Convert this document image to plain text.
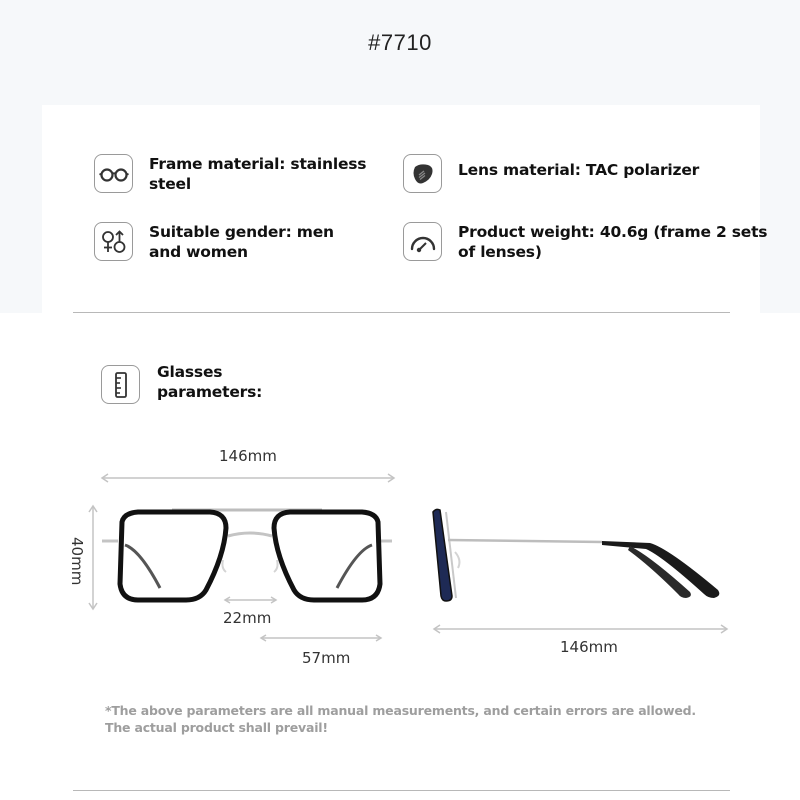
#7710
Frame material: stainless steel
Lens material: TAC polarizer
Suitable gender: men and women
Product weight: 40.6g (frame 2 sets of lenses)
Glasses
parameters:
146mm
40mm
22mm
57mm
146mm
*The above parameters are all manual measurements, and certain errors are allowed.
The actual product shall prevail!
